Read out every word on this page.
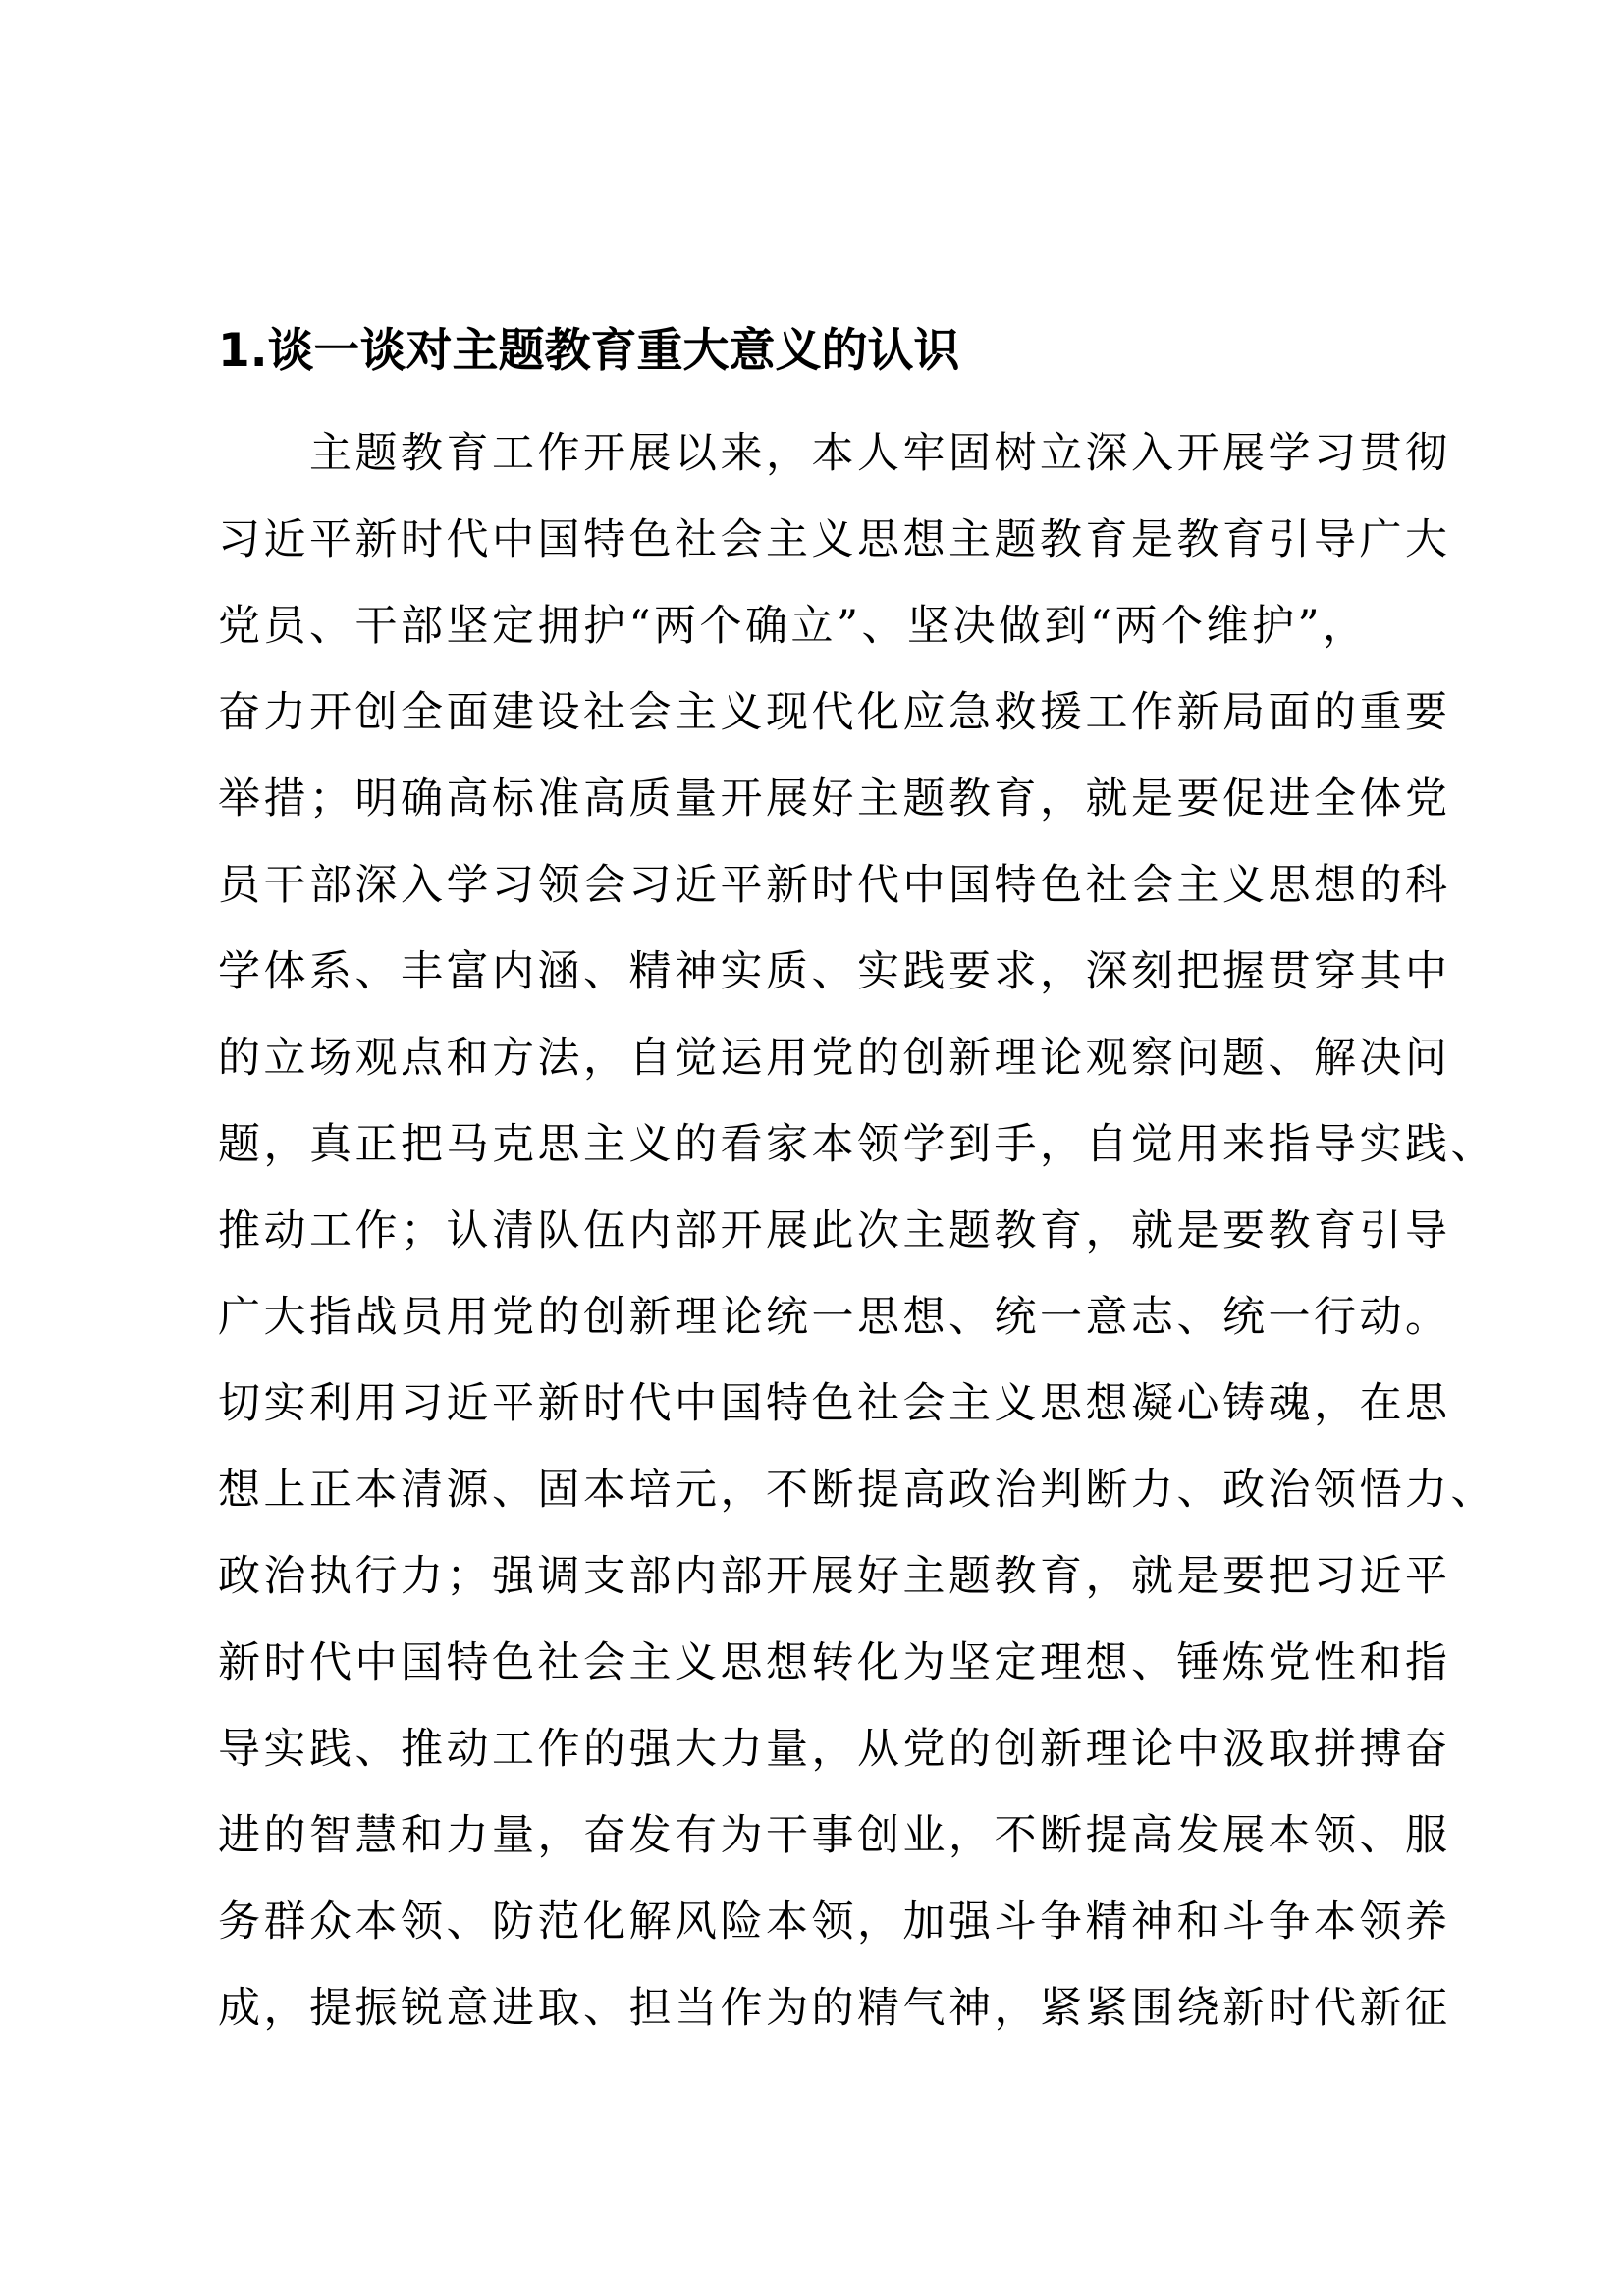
1.谈一谈对主题教育重大意义的认识
　　主题教育工作开展以来，本人牢固树立深入开展学习贯彻
习近平新时代中国特色社会主义思想主题教育是教育引导广大
党员、干部坚定拥护“两个确立”、坚决做到“两个维护”，
奋力开创全面建设社会主义现代化应急救援工作新局面的重要
举措；明确高标准高质量开展好主题教育，就是要促进全体党
员干部深入学习领会习近平新时代中国特色社会主义思想的科
学体系、丰富内涵、精神实质、实践要求，深刻把握贯穿其中
的立场观点和方法，自觉运用党的创新理论观察问题、解决问
题，真正把马克思主义的看家本领学到手，自觉用来指导实践、
推动工作；认清队伍内部开展此次主题教育，就是要教育引导
广大指战员用党的创新理论统一思想、统一意志、统一行动。
切实利用习近平新时代中国特色社会主义思想凝心铸魂，在思
想上正本清源、固本培元，不断提高政治判断力、政治领悟力、
政治执行力；强调支部内部开展好主题教育，就是要把习近平
新时代中国特色社会主义思想转化为坚定理想、锤炼党性和指
导实践、推动工作的强大力量，从党的创新理论中汲取拼搏奋
进的智慧和力量，奋发有为干事创业，不断提高发展本领、服
务群众本领、防范化解风险本领，加强斗争精神和斗争本领养
成，提振锐意进取、担当作为的精气神，紧紧围绕新时代新征
